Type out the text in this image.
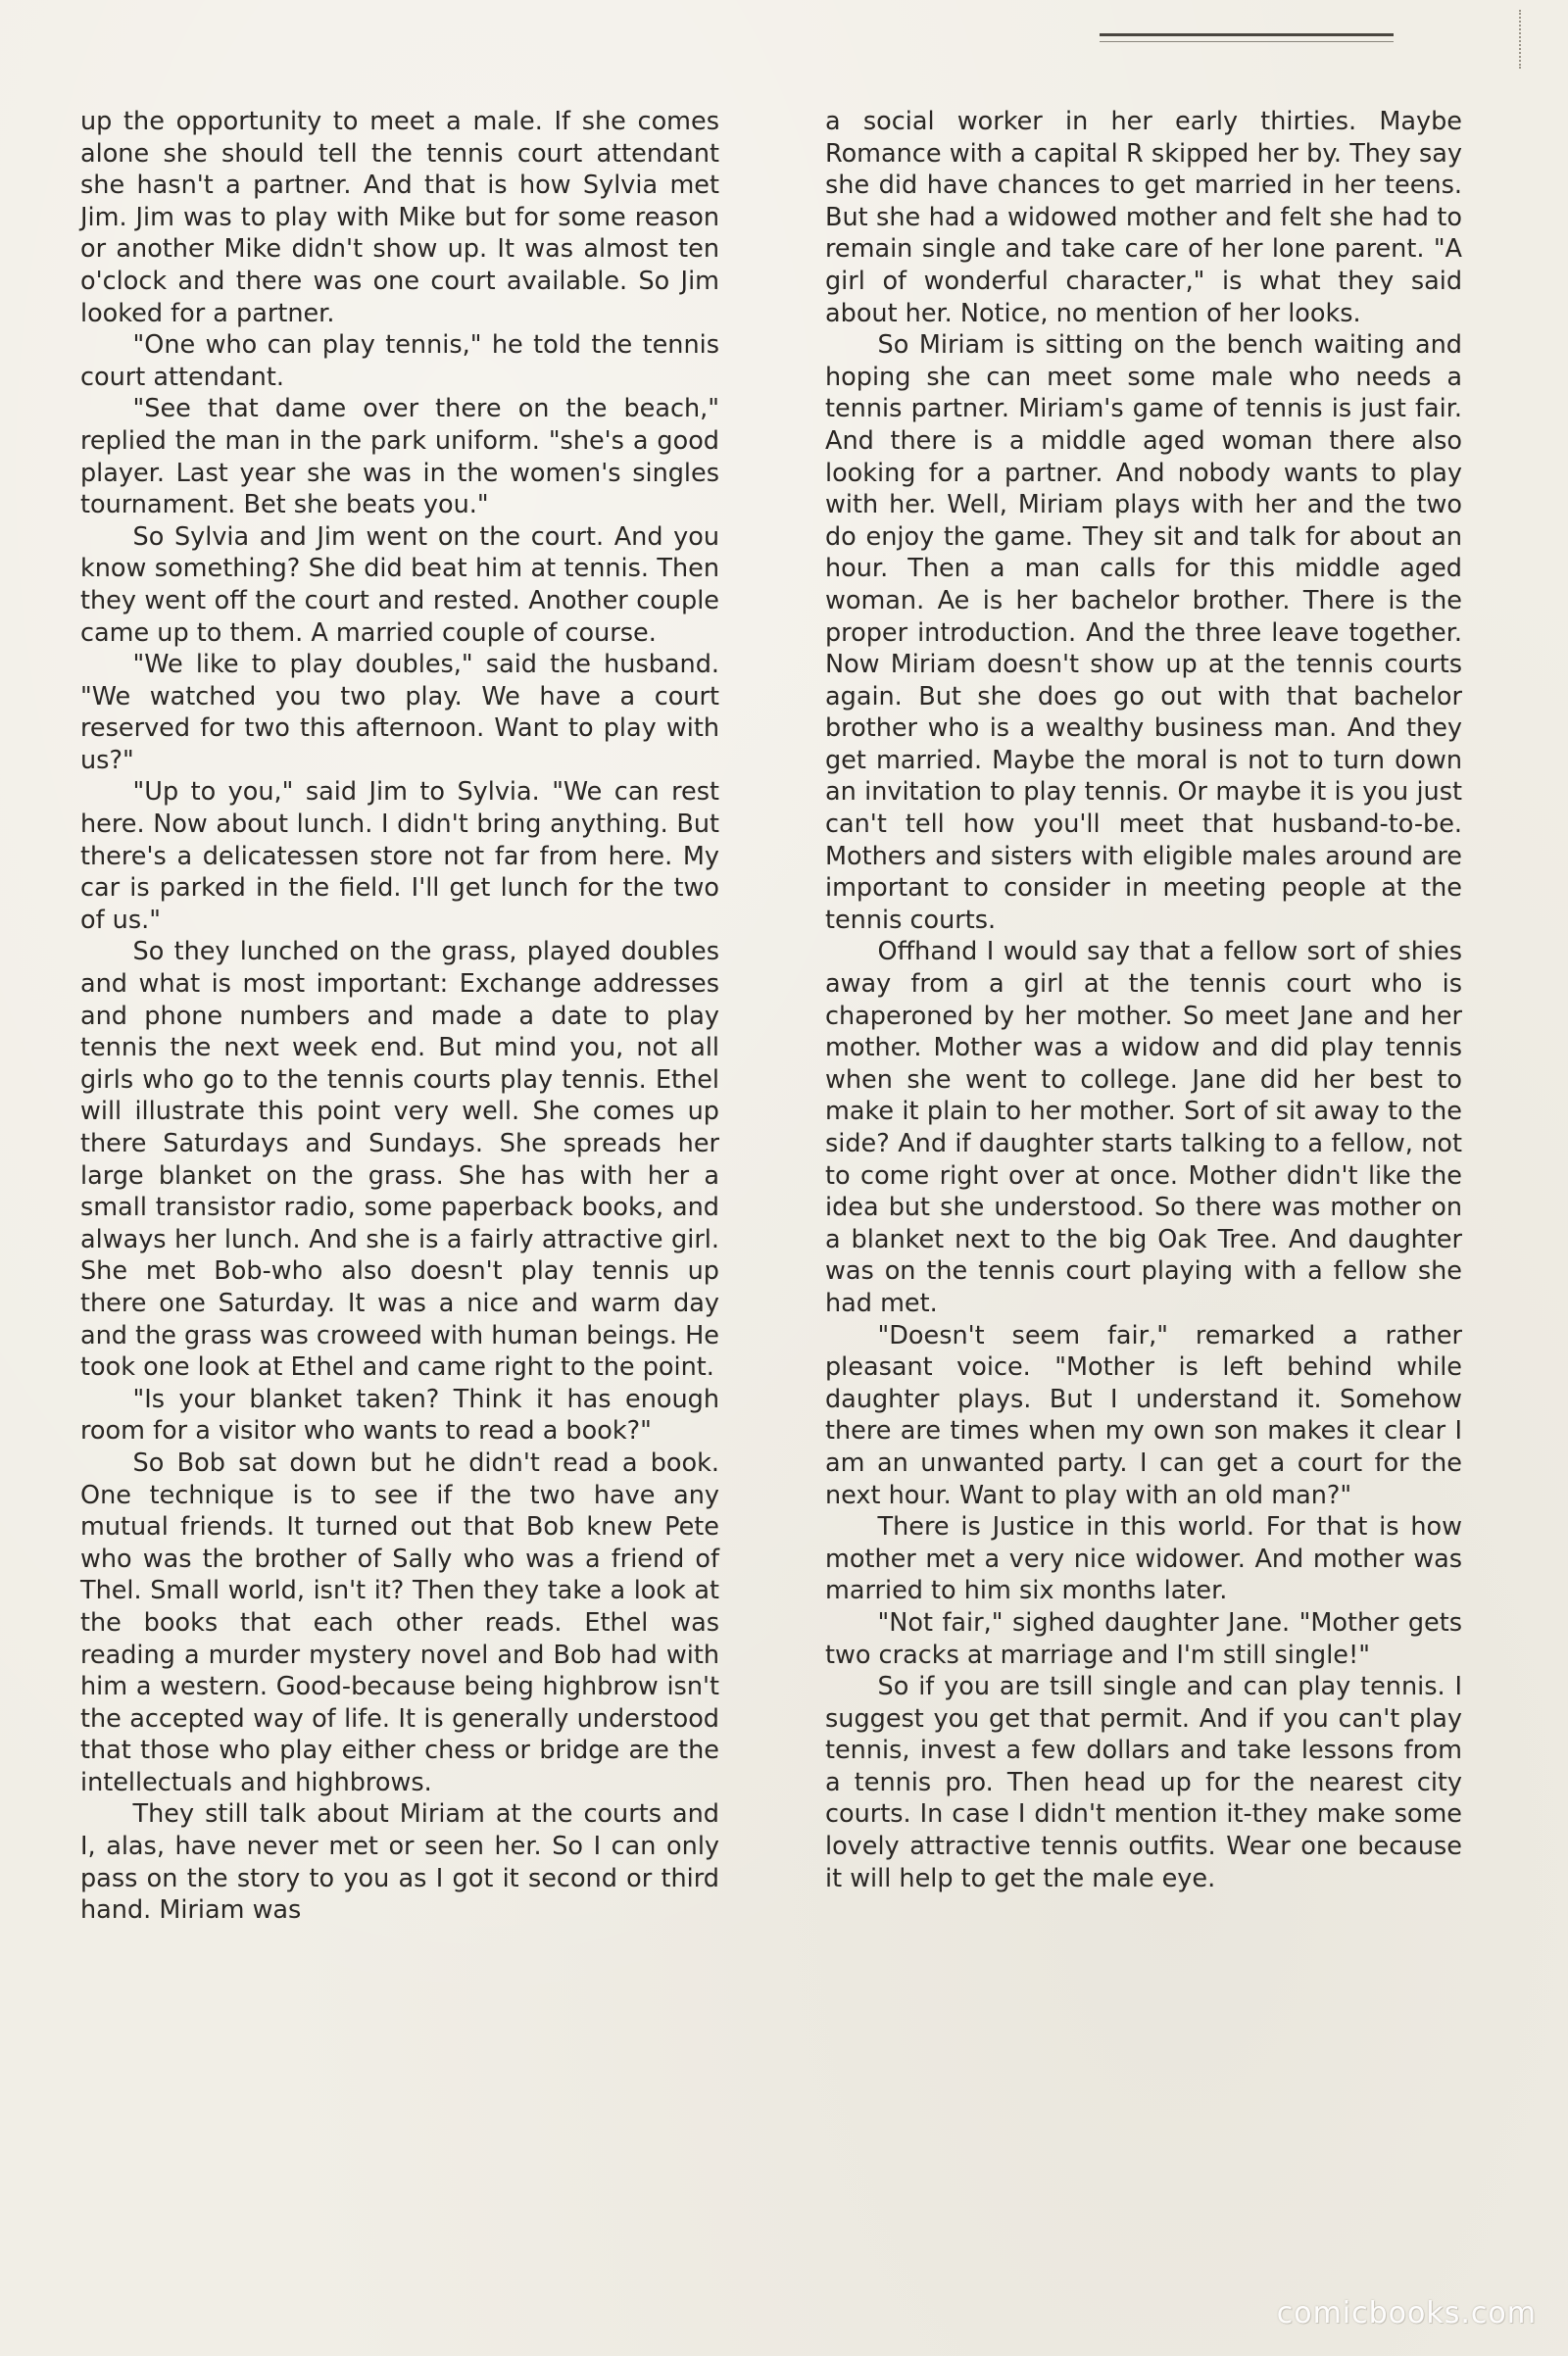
up the opportunity to meet a male. If she comes alone she should tell the tennis court attendant she hasn't a partner. And that is how Sylvia met Jim. Jim was to play with Mike but for some reason or another Mike didn't show up. It was almost ten o'clock and there was one court available. So Jim looked for a partner.

"One who can play tennis," he told the tennis court attendant.

"See that dame over there on the beach," replied the man in the park uniform. "she's a good player. Last year she was in the women's singles tournament. Bet she beats you."

So Sylvia and Jim went on the court. And you know something? She did beat him at tennis. Then they went off the court and rested. Another couple came up to them. A married couple of course.

"We like to play doubles," said the husband. "We watched you two play. We have a court reserved for two this afternoon. Want to play with us?"

"Up to you," said Jim to Sylvia. "We can rest here. Now about lunch. I didn't bring anything. But there's a delicatessen store not far from here. My car is parked in the field. I'll get lunch for the two of us."

So they lunched on the grass, played doubles and what is most important: Exchange addresses and phone numbers and made a date to play tennis the next week end. But mind you, not all girls who go to the tennis courts play tennis. Ethel will illustrate this point very well. She comes up there Saturdays and Sundays. She spreads her large blanket on the grass. She has with her a small transistor radio, some paperback books, and always her lunch. And she is a fairly attractive girl. She met Bob-who also doesn't play tennis up there one Saturday. It was a nice and warm day and the grass was croweed with human beings. He took one look at Ethel and came right to the point.

"Is your blanket taken? Think it has enough room for a visitor who wants to read a book?"

So Bob sat down but he didn't read a book. One technique is to see if the two have any mutual friends. It turned out that Bob knew Pete who was the brother of Sally who was a friend of Thel. Small world, isn't it? Then they take a look at the books that each other reads. Ethel was reading a murder mystery novel and Bob had with him a western. Good-because being highbrow isn't the accepted way of life. It is generally understood that those who play either chess or bridge are the intellectuals and highbrows.

They still talk about Miriam at the courts and I, alas, have never met or seen her. So I can only pass on the story to you as I got it second or third hand. Miriam was

a social worker in her early thirties. Maybe Romance with a capital R skipped her by. They say she did have chances to get married in her teens. But she had a widowed mother and felt she had to remain single and take care of her lone parent. "A girl of wonderful character," is what they said about her. Notice, no mention of her looks.

So Miriam is sitting on the bench waiting and hoping she can meet some male who needs a tennis partner. Miriam's game of tennis is just fair. And there is a middle aged woman there also looking for a partner. And nobody wants to play with her. Well, Miriam plays with her and the two do enjoy the game. They sit and talk for about an hour. Then a man calls for this middle aged woman. Ae is her bachelor brother. There is the proper introduction. And the three leave together. Now Miriam doesn't show up at the tennis courts again. But she does go out with that bachelor brother who is a wealthy business man. And they get married. Maybe the moral is not to turn down an invitation to play tennis. Or maybe it is you just can't tell how you'll meet that husband-to-be. Mothers and sisters with eligible males around are important to consider in meeting people at the tennis courts.

Offhand I would say that a fellow sort of shies away from a girl at the tennis court who is chaperoned by her mother. So meet Jane and her mother. Mother was a widow and did play tennis when she went to college. Jane did her best to make it plain to her mother. Sort of sit away to the side? And if daughter starts talking to a fellow, not to come right over at once. Mother didn't like the idea but she understood. So there was mother on a blanket next to the big Oak Tree. And daughter was on the tennis court playing with a fellow she had met.

"Doesn't seem fair," remarked a rather pleasant voice. "Mother is left behind while daughter plays. But I understand it. Somehow there are times when my own son makes it clear I am an unwanted party. I can get a court for the next hour. Want to play with an old man?"

There is Justice in this world. For that is how mother met a very nice widower. And mother was married to him six months later.

"Not fair," sighed daughter Jane. "Mother gets two cracks at marriage and I'm still single!"

So if you are tsill single and can play tennis. I suggest you get that permit. And if you can't play tennis, invest a few dollars and take lessons from a tennis pro. Then head up for the nearest city courts. In case I didn't mention it-they make some lovely attractive tennis outfits. Wear one because it will help to get the male eye.

comicbooks.com
